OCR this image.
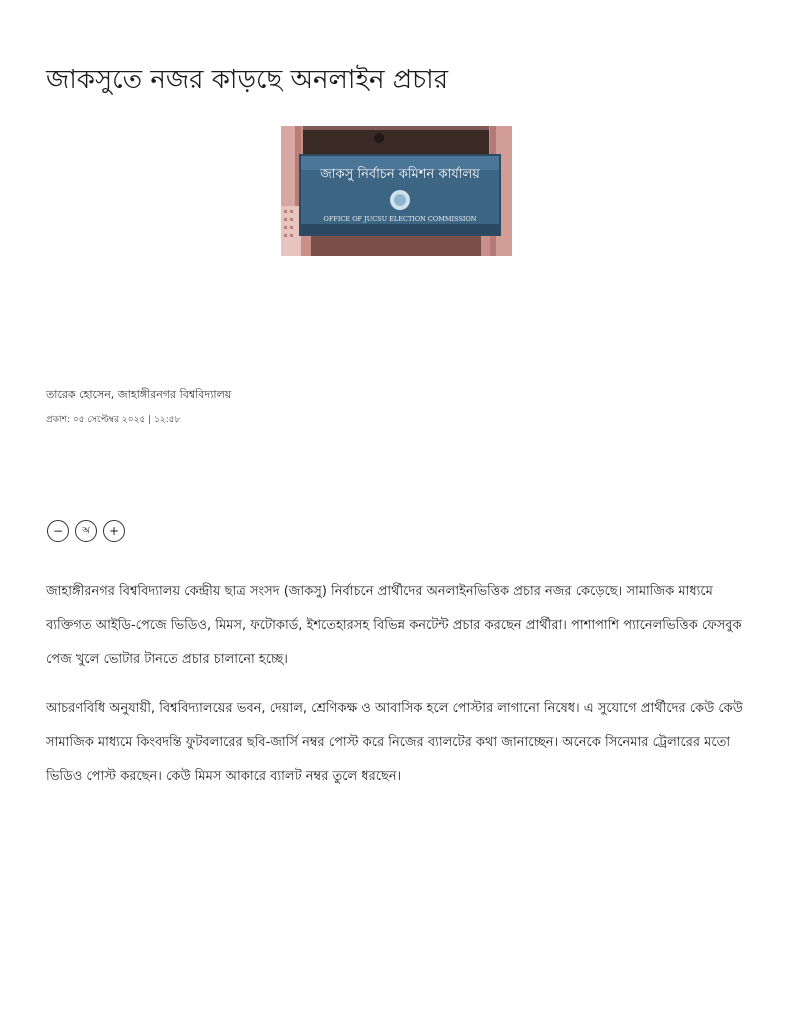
জাকসুতে নজর কাড়ছে অনলাইন প্রচার
জাকসু নির্বাচন কমিশন কার্যালয়
OFFICE OF JUCSU ELECTION COMMISSION
তারেক হোসেন, জাহাঙ্গীরনগর বিশ্ববিদ্যালয়
প্রকাশ: ০৫ সেপ্টেম্বর ২০২৫ | ১২:৫৮
−	অ	+

জাহাঙ্গীরনগর বিশ্ববিদ্যালয় কেন্দ্রীয় ছাত্র সংসদ (জাকসু) নির্বাচনে প্রার্থীদের অনলাইনভিত্তিক প্রচার নজর কেড়েছে। সামাজিক মাধ্যমে ব্যক্তিগত আইডি-পেজে ভিডিও, মিমস, ফটোকার্ড, ইশতেহারসহ বিভিন্ন কনটেন্ট প্রচার করছেন প্রার্থীরা। পাশাপাশি প্যানেলভিত্তিক ফেসবুক পেজ খুলে ভোটার টানতে প্রচার চালানো হচ্ছে।

আচরণবিধি অনুযায়ী, বিশ্ববিদ্যালয়ের ভবন, দেয়াল, শ্রেণিকক্ষ ও আবাসিক হলে পোস্টার লাগানো নিষেধ। এ সুযোগে প্রার্থীদের কেউ কেউ সামাজিক মাধ্যমে কিংবদন্তি ফুটবলারের ছবি-জার্সি নম্বর পোস্ট করে নিজের ব্যালটের কথা জানাচ্ছেন। অনেকে সিনেমার ট্রেলারের মতো ভিডিও পোস্ট করছেন। কেউ মিমস আকারে ব্যালট নম্বর তুলে ধরছেন।
